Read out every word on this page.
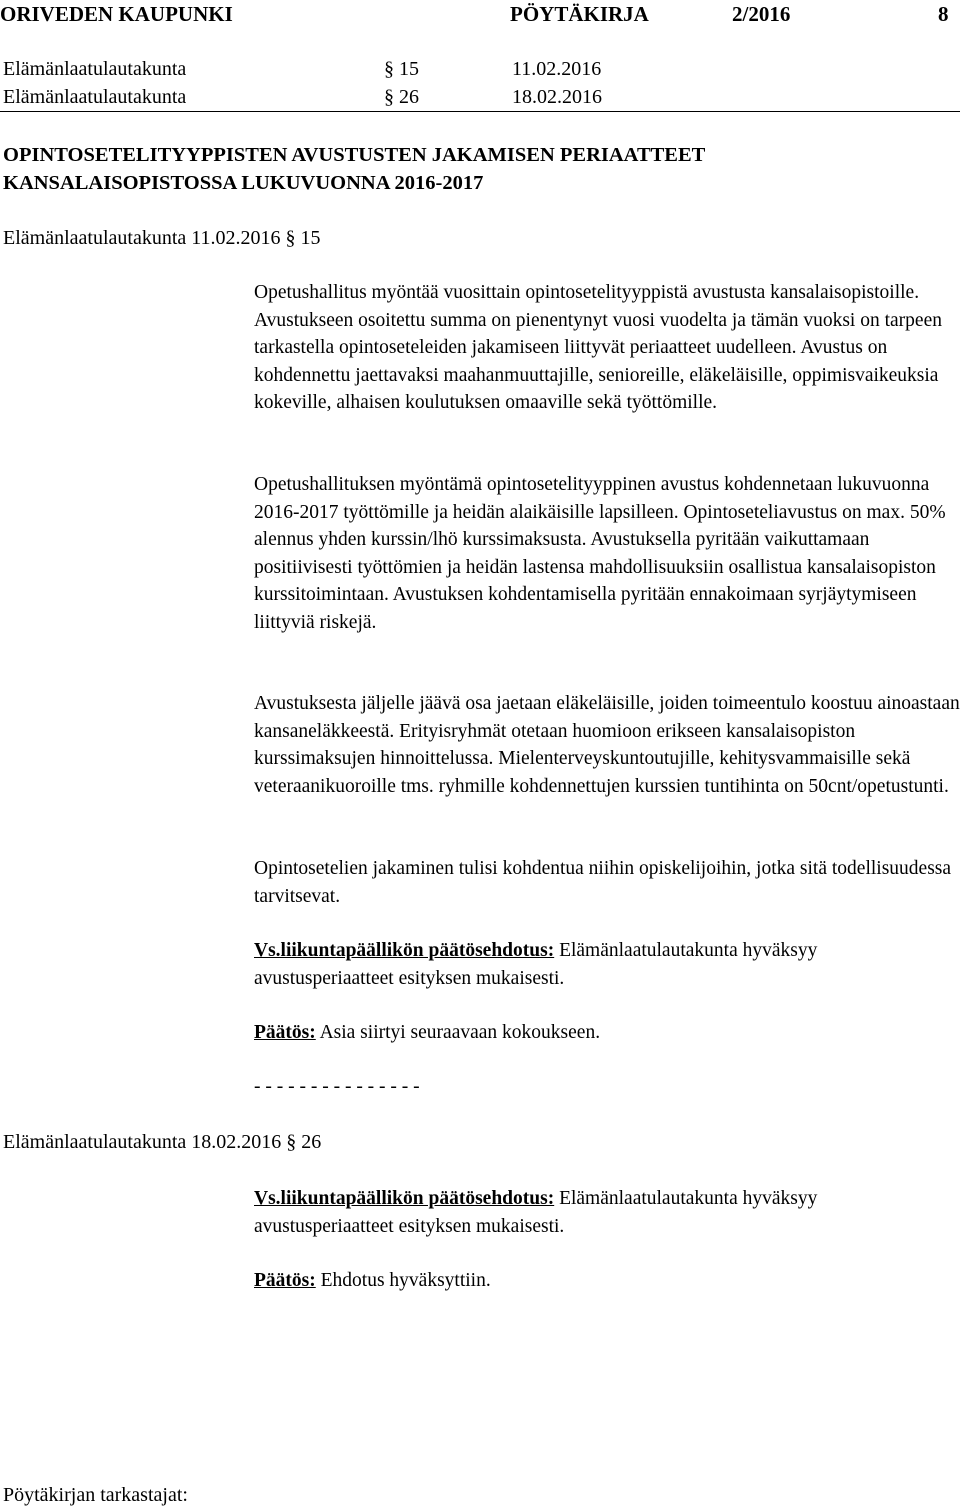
ORIVEDEN KAUPUNKI	PÖYTÄKIRJA	2/2016	8
Elämänlaatulautakunta	§ 15	11.02.2016
Elämänlaatulautakunta	§ 26	18.02.2016
OPINTOSETELITYYPPISTEN AVUSTUSTEN JAKAMISEN PERIAATTEET
KANSALAISOPISTOSSA LUKUVUONNA 2016-2017
Elämänlaatulautakunta 11.02.2016 § 15

Opetushallitus myöntää vuosittain opintosetelityyppistä avustusta kansalaisopistoille. Avustukseen osoitettu summa on pienentynyt vuosi vuodelta ja tämän vuoksi on tarpeen tarkastella opintoseteleiden jakamiseen liittyvät periaatteet uudelleen. Avustus on kohdennettu jaettavaksi maahanmuuttajille, senioreille, eläkeläisille, oppimisvaikeuksia kokeville, alhaisen koulutuksen omaaville sekä työttömille.

Opetushallituksen myöntämä opintosetelityyppinen avustus kohdennetaan lukuvuonna 2016-2017 työttömille ja heidän alaikäisille lapsilleen. Opintoseteliavustus on max. 50% alennus yhden kurssin/lhö kurssimaksusta. Avustuksella pyritään vaikuttamaan positiivisesti työttömien ja heidän lastensa mahdollisuuksiin osallistua kansalaisopiston kurssitoimintaan. Avustuksen kohdentamisella pyritään ennakoimaan syrjäytymiseen liittyviä riskejä.

Avustuksesta jäljelle jäävä osa jaetaan eläkeläisille, joiden toimeentulo koostuu ainoastaan kansaneläkkeestä. Erityisryhmät otetaan huomioon erikseen kansalaisopiston kurssimaksujen hinnoittelussa. Mielenterveyskuntoutujille, kehitysvammaisille sekä veteraanikuoroille tms. ryhmille kohdennettujen kurssien tuntihinta on 50cnt/opetustunti.

Opintosetelien jakaminen tulisi kohdentua niihin opiskelijoihin, jotka sitä todellisuudessa tarvitsevat.

Vs.liikuntapäällikön päätösehdotus: Elämänlaatulautakunta hyväksyy avustusperiaatteet esityksen mukaisesti.

Päätös: Asia siirtyi seuraavaan kokoukseen.

- - - - - - - - - - - - - - -
Elämänlaatulautakunta 18.02.2016 § 26

Vs.liikuntapäällikön päätösehdotus: Elämänlaatulautakunta hyväksyy avustusperiaatteet esityksen mukaisesti.

Päätös: Ehdotus hyväksyttiin.

Pöytäkirjan tarkastajat:
